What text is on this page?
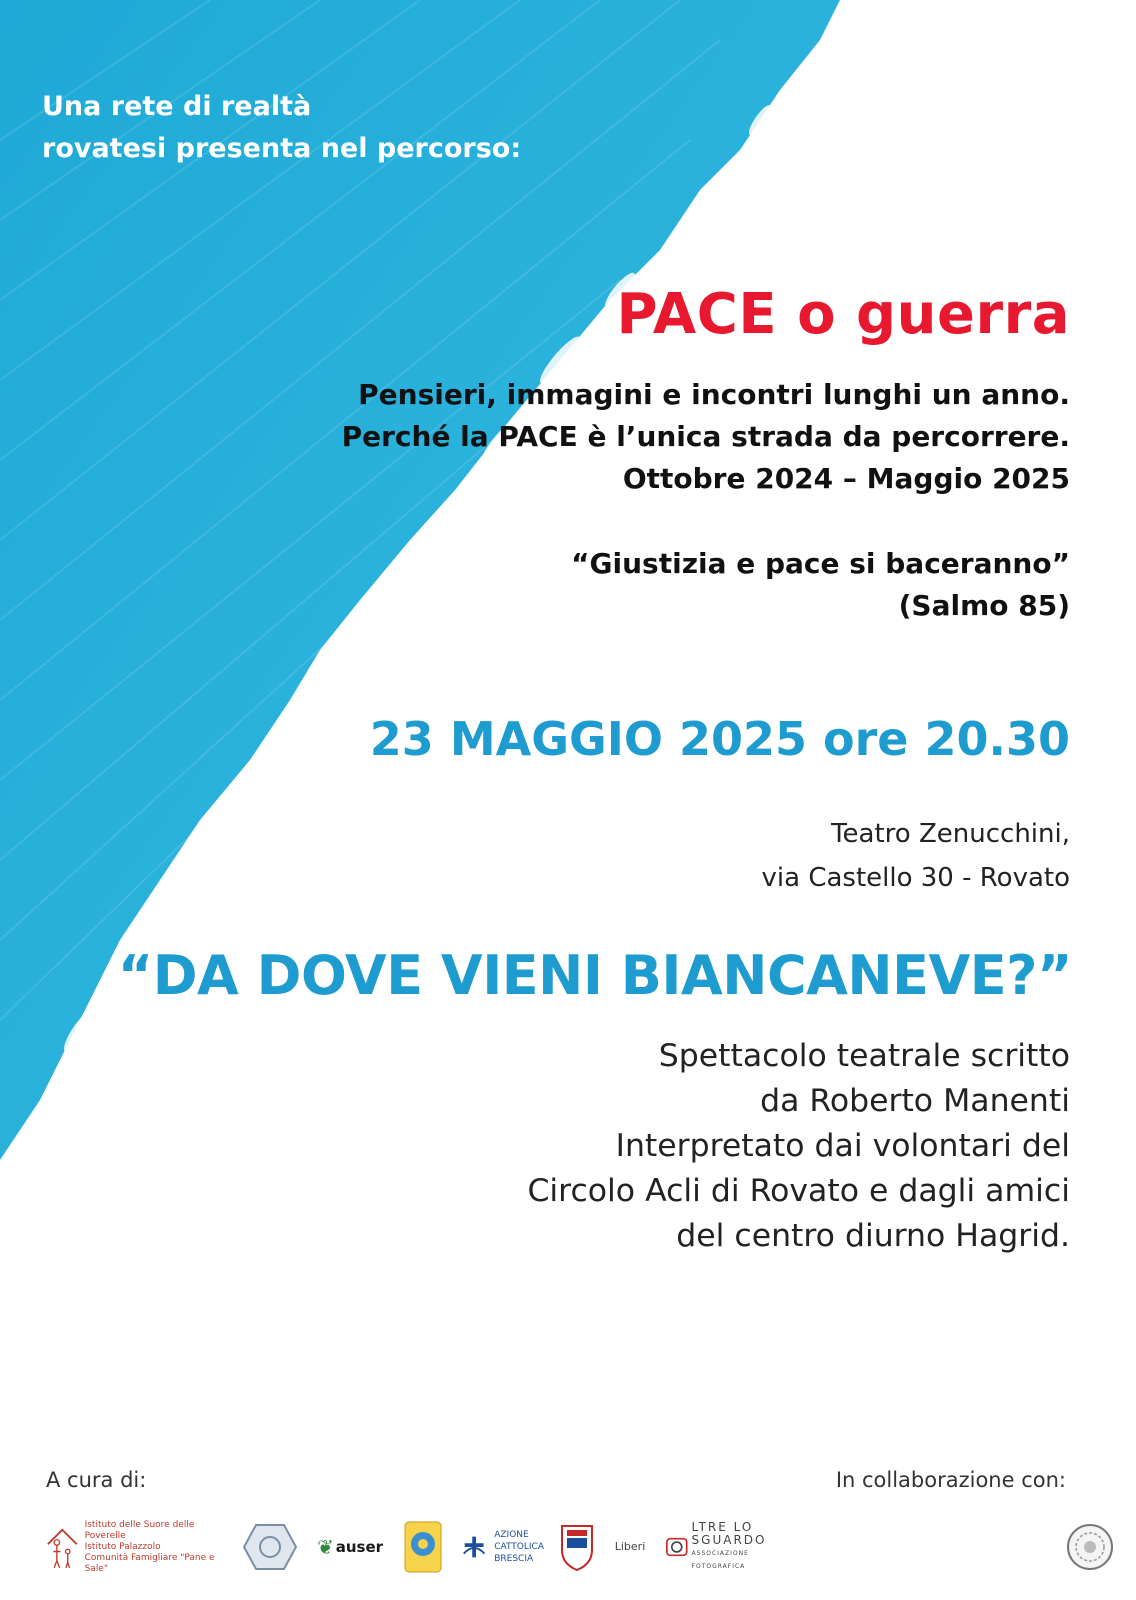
Una rete di realtà
rovatesi presenta nel percorso:
PACE o guerra
Pensieri, immagini e incontri lunghi un anno.
Perché la PACE è l’unica strada da percorrere.
Ottobre 2024 – Maggio 2025
“Giustizia e pace si baceranno”
(Salmo 85)
23 MAGGIO 2025 ore 20.30
Teatro Zenucchini,
via Castello 30 - Rovato
“DA DOVE VIENI BIANCANEVE?”
Spettacolo teatrale scritto
da Roberto Manenti
Interpretato dai volontari del
Circolo Acli di Rovato e dagli amici
del centro diurno Hagrid.
A cura di:	In collaborazione con:
Istituto delle Suore delle Poverelle
Istituto Palazzolo
Comunità Famigliare "Pane e Sale"
❦ auser
AZIONE
CATTOLICA
BRESCIA
Liberi
LTRE LO
SGUARDO
ASSOCIAZIONE FOTOGRAFICA
